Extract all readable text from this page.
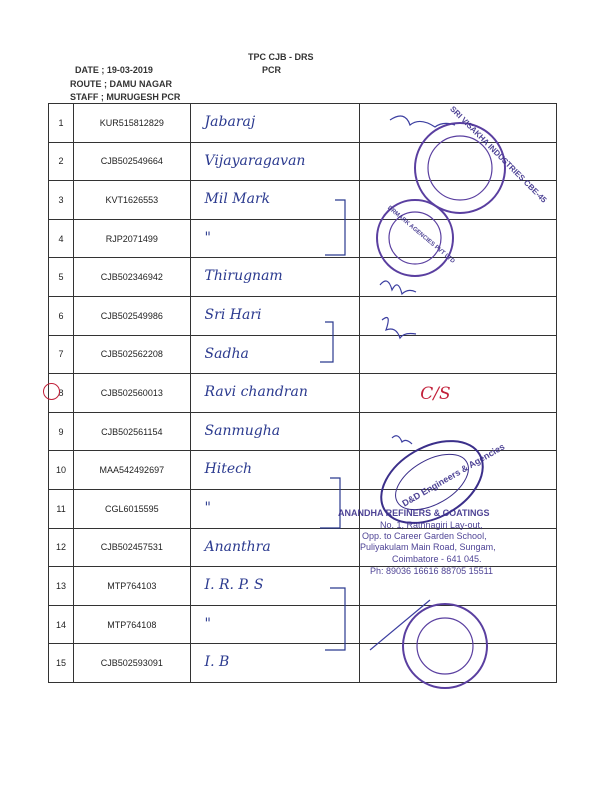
TPC CJB - DRS
PCR
DATE ; 19-03-2019
ROUTE ; DAMU NAGAR
STAFF ; MURUGESH PCR
1	KUR515812829	Jabaraj	

2	CJB502549664	Vijayaragavan	

3	KVT1626553	Mil Mark	

4	RJP2071499	"	

5	CJB502346942	Thirugnam	

6	CJB502549986	Sri Hari	

7	CJB502562208	Sadha	

8	CJB502560013	Ravi chandran	C/S

9	CJB502561154	Sanmugha	

10	MAA542492697	Hitech	

11	CGL6015595	"	

12	CJB502457531	Ananthra	

13	MTP764103	I. R. P. S	

14	MTP764108	"	

15	CJB502593091	I. B	

SRI VISAKHA INDUSTRIES CBE-45
DRMARK AGENCIES PVT LTD
D&D Engineers & Agencies
ANANDHA REFINERS & COATINGS
No. 1, Rathnagiri Lay-out,
Opp. to Career Garden School,
Puliyakulam Main Road, Sungam,
Coimbatore - 641 045.
Ph: 89036 16616 88705 15511
